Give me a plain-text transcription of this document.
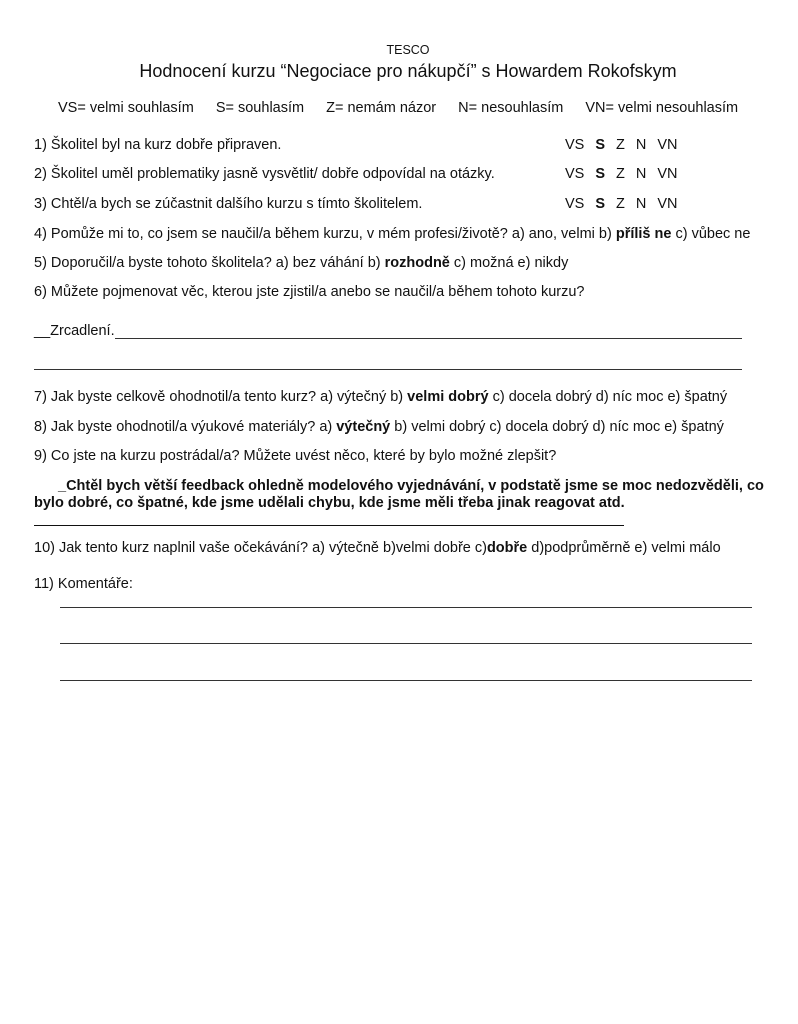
TESCO
Hodnocení kurzu “Negociace pro nákupčí” s Howardem Rokofskym
VS= velmi souhlasím S= souhlasím Z= nemám názor N= nesouhlasím VN= velmi nesouhlasím
1) Školitel byl na kurz dobře připraven.	VS S Z N VN
2) Školitel uměl problematiky jasně vysvětlit/ dobře odpovídal na otázky.	VS S Z N VN
3) Chtěl/a bych se zúčastnit dalšího kurzu s tímto školitelem.	VS S Z N VN
4) Pomůže mi to, co jsem se naučil/a během kurzu, v mém profesi/životě? a) ano, velmi b) příliš ne c) vůbec ne
5) Doporučil/a byste tohoto školitela? a) bez váhání b) rozhodně c) možná e) nikdy
6) Můžete pojmenovat věc, kterou jste zjistil/a anebo se naučil/a během tohoto kurzu?
__Zrcadlení.
7) Jak byste celkově ohodnotil/a tento kurz? a) výtečný b) velmi dobrý c) docela dobrý d) níc moc e) špatný
8) Jak byste ohodnotil/a výukové materiály? a) výtečný b) velmi dobrý c) docela dobrý d) níc moc e) špatný
9) Co jste na kurzu postrádal/a? Můžete uvést něco, které by bylo možné zlepšit?
_Chtěl bych větší feedback ohledně modelového vyjednávání, v podstatě jsme se moc nedozvěděli, co bylo dobré, co špatné, kde jsme udělali chybu, kde jsme měli třeba jinak reagovat atd.
10) Jak tento kurz naplnil vaše očekávání? a) výtečně b)velmi dobře c)dobře d)podprůměrně e) velmi málo
11) Komentáře:
